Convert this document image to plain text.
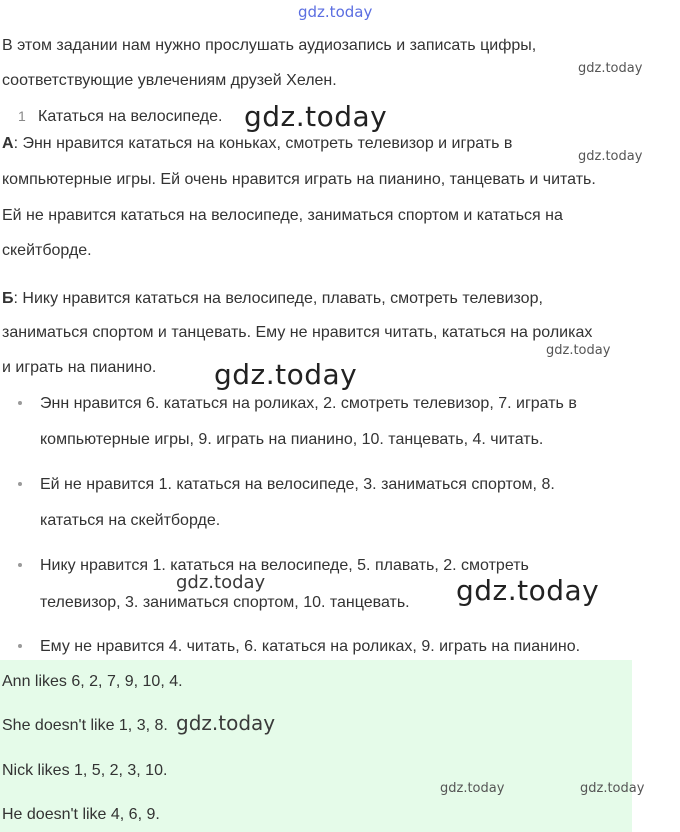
gdz.today
В этом задании нам нужно прослушать аудиозапись и записать цифры,
соответствующие увлечениям друзей Хелен.
gdz.today
1 Кататься на велосипеде. gdz.today
А: Энн нравится кататься на коньках, смотреть телевизор и играть в
gdz.today
компьютерные игры. Ей очень нравится играть на пианино, танцевать и читать.
Ей не нравится кататься на велосипеде, заниматься спортом и кататься на
скейтборде.
Б: Нику нравится кататься на велосипеде, плавать, смотреть телевизор,
заниматься спортом и танцевать. Ему не нравится читать, кататься на роликах
gdz.today
и играть на пианино. gdz.today
Энн нравится 6. кататься на роликах, 2. смотреть телевизор, 7. играть в
компьютерные игры, 9. играть на пианино, 10. танцевать, 4. читать.
Ей не нравится 1. кататься на велосипеде, 3. заниматься спортом, 8.
кататься на скейтборде.
Нику нравится 1. кататься на велосипеде, 5. плавать, 2. смотреть
gdz.today
телевизор, 3. заниматься спортом, 10. танцевать. gdz.today
Ему не нравится 4. читать, 6. кататься на роликах, 9. играть на пианино.
Ann likes 6, 2, 7, 9, 10, 4.
She doesn't like 1, 3, 8. gdz.today
Nick likes 1, 5, 2, 3, 10.
gdz.today	gdz.today
He doesn't like 4, 6, 9.
